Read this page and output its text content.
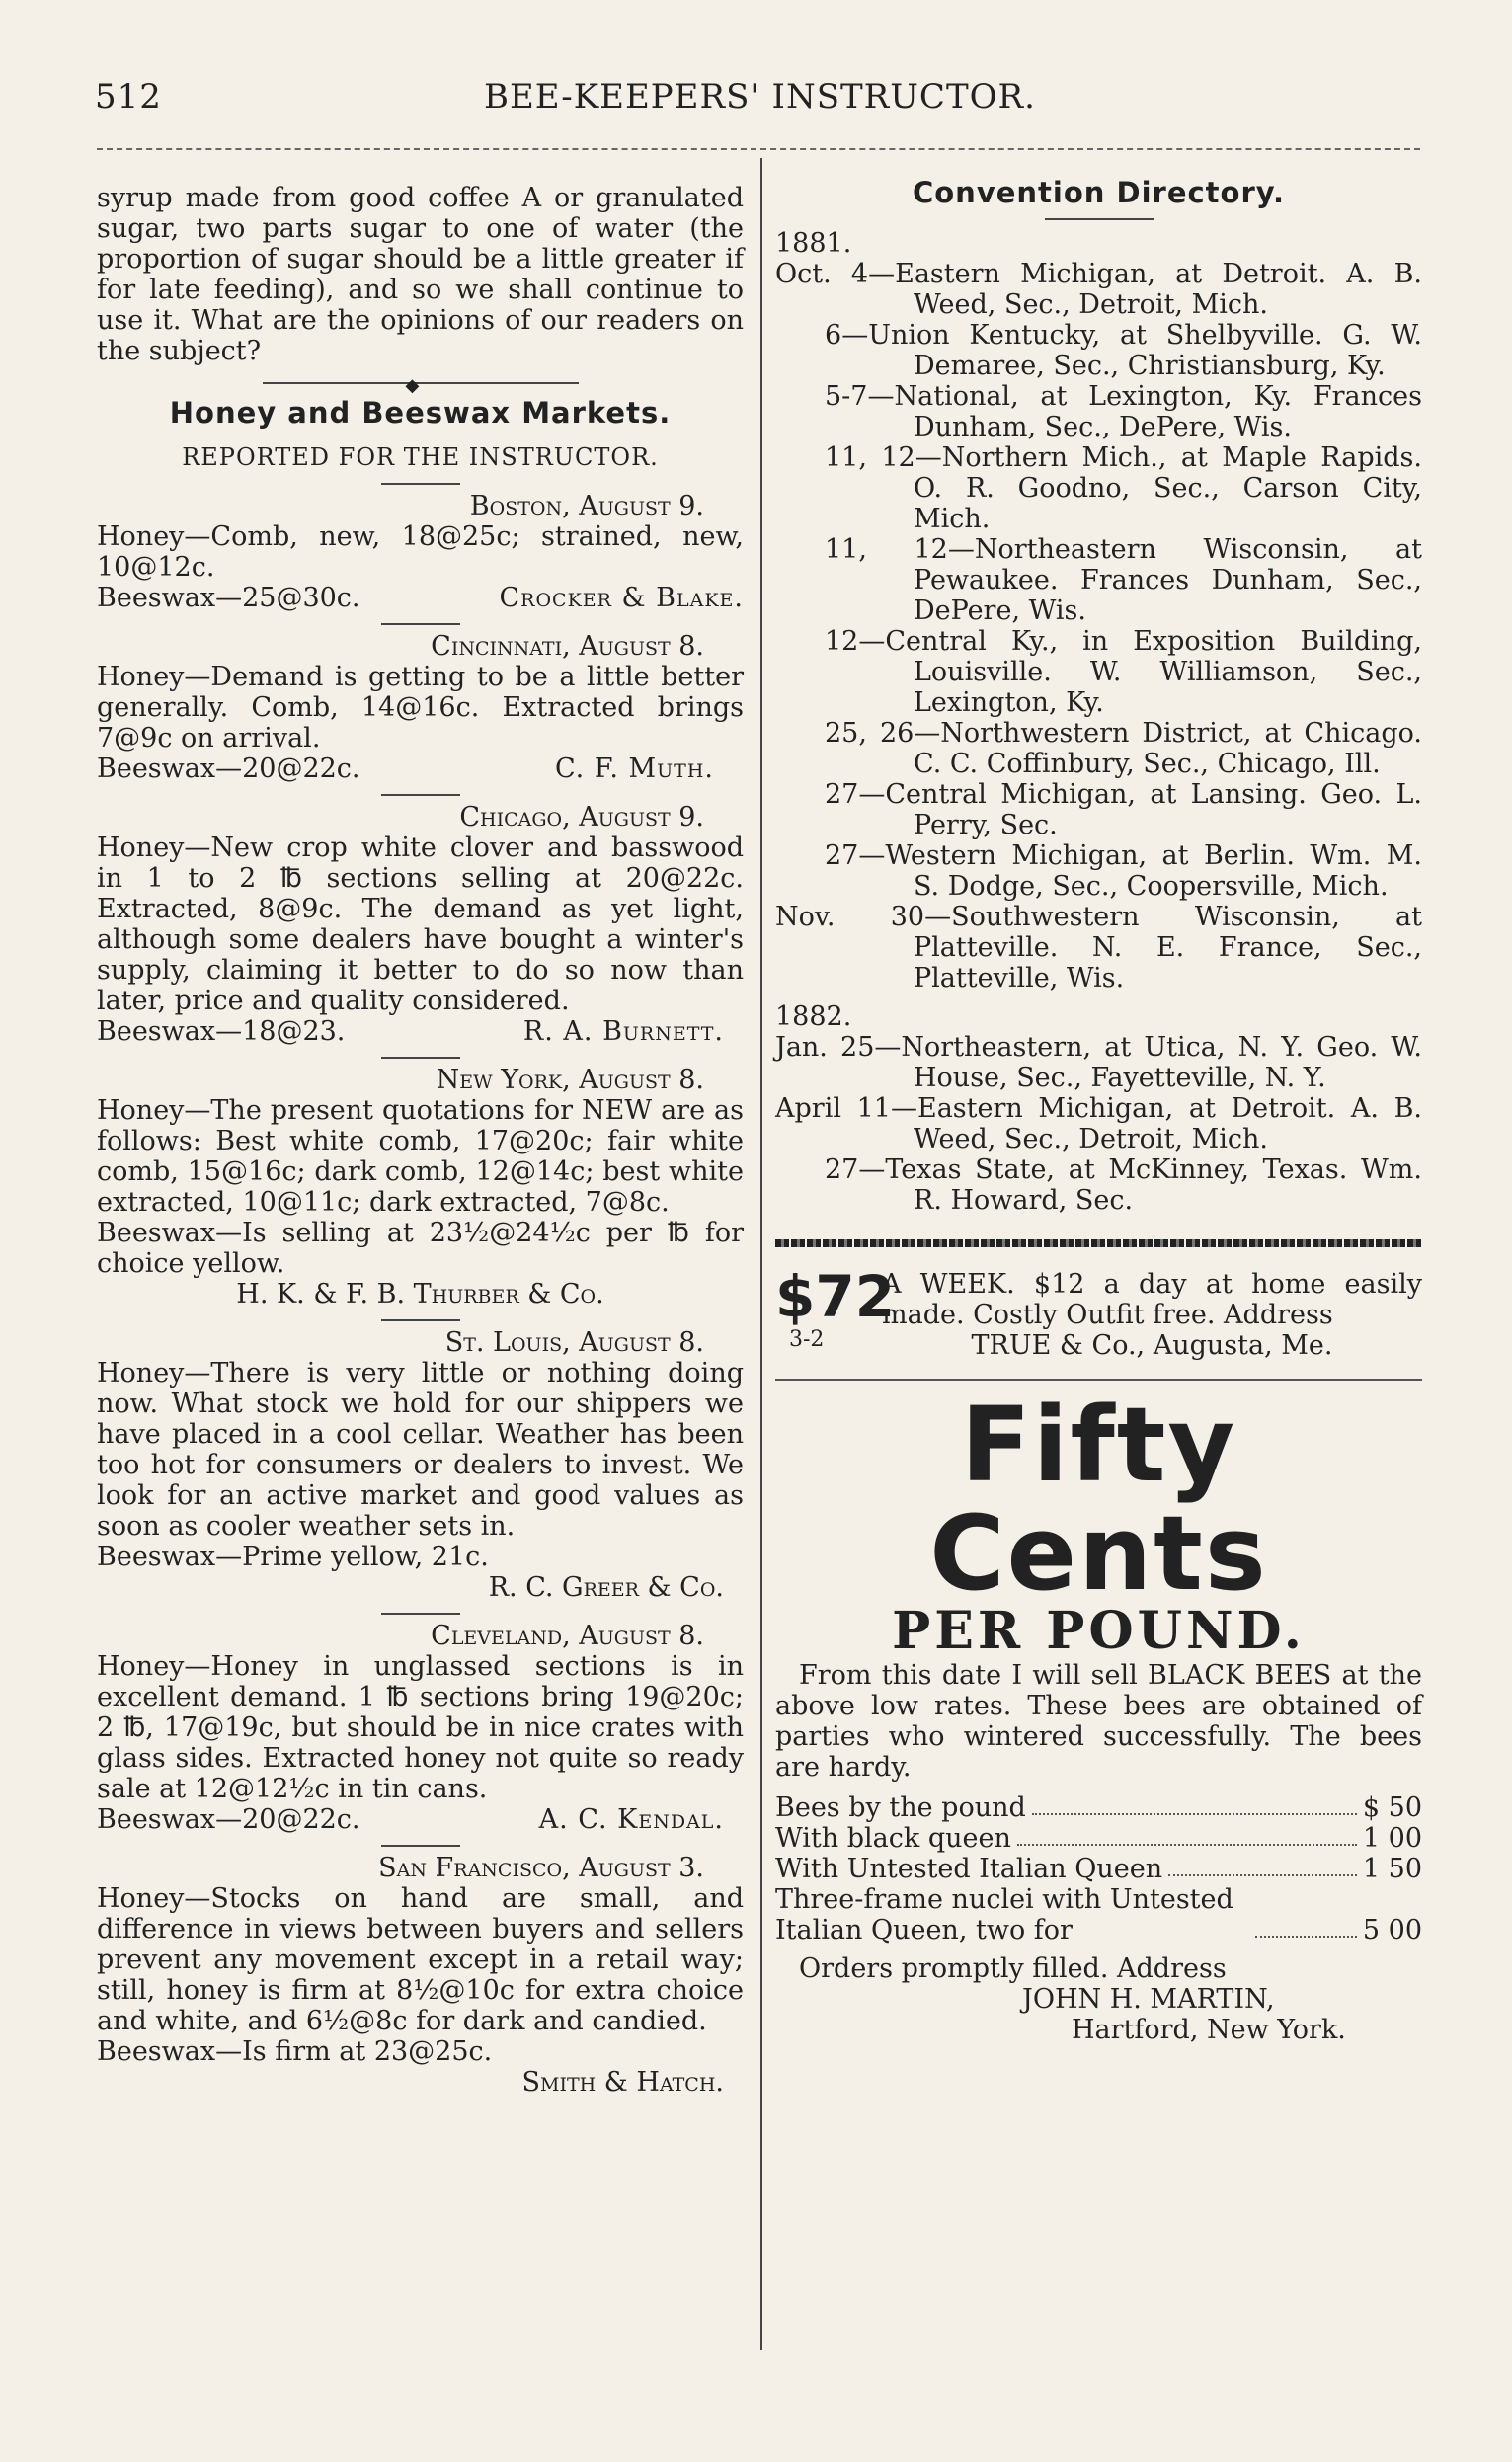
512	BEE-KEEPERS' INSTRUCTOR.

syrup made from good coffee A or granulated sugar, two parts sugar to one of water (the proportion of sugar should be a little greater if for late feeding), and so we shall continue to use it. What are the opinions of our readers on the subject?

◆

Honey and Beeswax Markets.

REPORTED FOR THE INSTRUCTOR.

Boston, August 9.

Honey—Comb, new, 18@25c; strained, new, 10@12c.

Beeswax—25@30c.	Crocker & Blake.

Cincinnati, August 8.

Honey—Demand is getting to be a little better generally. Comb, 14@16c. Extracted brings 7@9c on arrival.

Beeswax—20@22c.	C. F. Muth.

Chicago, August 9.

Honey—New crop white clover and basswood in 1 to 2 ℔ sections selling at 20@22c. Extracted, 8@9c. The demand as yet light, although some dealers have bought a winter's supply, claiming it better to do so now than later, price and quality considered.

Beeswax—18@23.	R. A. Burnett.

New York, August 8.

Honey—The present quotations for NEW are as follows: Best white comb, 17@20c; fair white comb, 15@16c; dark comb, 12@14c; best white extracted, 10@11c; dark extracted, 7@8c.

Beeswax—Is selling at 23½@24½c per ℔ for choice yellow.

H. K. & F. B. Thurber & Co.

St. Louis, August 8.

Honey—There is very little or nothing doing now. What stock we hold for our shippers we have placed in a cool cellar. Weather has been too hot for consumers or dealers to invest. We look for an active market and good values as soon as cooler weather sets in.

Beeswax—Prime yellow, 21c.

R. C. Greer & Co.

Cleveland, August 8.

Honey—Honey in unglassed sections is in excellent demand. 1 ℔ sections bring 19@20c; 2 ℔, 17@19c, but should be in nice crates with glass sides. Extracted honey not quite so ready sale at 12@12½c in tin cans.

Beeswax—20@22c.	A. C. Kendal.

San Francisco, August 3.

Honey—Stocks on hand are small, and difference in views between buyers and sellers prevent any movement except in a retail way; still, honey is firm at 8½@10c for extra choice and white, and 6½@8c for dark and candied.

Beeswax—Is firm at 23@25c.

Smith & Hatch.

Convention Directory.

1881.

Oct. 4—Eastern Michigan, at Detroit. A. B. Weed, Sec., Detroit, Mich.

6—Union Kentucky, at Shelbyville. G. W. Demaree, Sec., Christiansburg, Ky.

5-7—National, at Lexington, Ky. Frances Dunham, Sec., DePere, Wis.

11, 12—Northern Mich., at Maple Rapids. O. R. Goodno, Sec., Carson City, Mich.

11, 12—Northeastern Wisconsin, at Pewaukee. Frances Dunham, Sec., DePere, Wis.

12—Central Ky., in Exposition Building, Louisville. W. Williamson, Sec., Lexington, Ky.

25, 26—Northwestern District, at Chicago. C. C. Coffinbury, Sec., Chicago, Ill.

27—Central Michigan, at Lansing. Geo. L. Perry, Sec.

27—Western Michigan, at Berlin. Wm. M. S. Dodge, Sec., Coopersville, Mich.

Nov. 30—Southwestern Wisconsin, at Platteville. N. E. France, Sec., Platteville, Wis.

1882.

Jan. 25—Northeastern, at Utica, N. Y. Geo. W. House, Sec., Fayetteville, N. Y.

April 11—Eastern Michigan, at Detroit. A. B. Weed, Sec., Detroit, Mich.

27—Texas State, at McKinney, Texas. Wm. R. Howard, Sec.

$72
3-2

A WEEK. $12 a day at home easily made. Costly Outfit free. Address

TRUE & Co., Augusta, Me.

Fifty Cents
PER POUND.

From this date I will sell BLACK BEES at the above low rates. These bees are obtained of parties who wintered successfully. The bees are hardy.

Bees by the pound	$ 50
With black queen	1 00
With Untested Italian Queen	1 50
Three-frame nuclei with Untested Italian Queen, two for	5 00

Orders promptly filled. Address

JOHN H. MARTIN,

Hartford, New York.
